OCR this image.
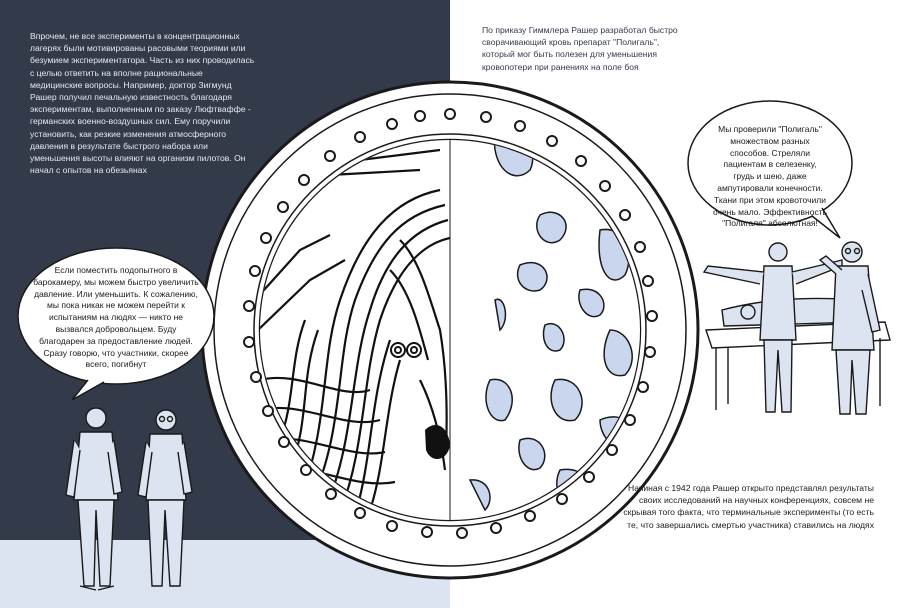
Впрочем, не все эксперименты в концентрационных лагерях были мотивированы расовыми теориями или безумием экспериментатора. Часть из них проводилась с целью ответить на вполне рациональные медицинские вопросы. Например, доктор Зигмунд Рашер получил печальную известность благодаря экспериментам, выполненным по заказу Люфтваффе - германских военно-воздушных сил. Ему поручили установить, как резкие изменения атмосферного давления в результате быстрого набора или уменьшения высоты влияют на организм пилотов. Он начал с опытов на обезьянах
По приказу Гиммлера Рашер разработал быстро сворачивающий кровь препарат "Полигаль", который мог быть полезен для уменьшения кровопотери при ранениях на поле боя
Начиная с 1942 года Рашер открыто представлял результаты своих исследований на научных конференциях, совсем не скрывая того факта, что терминальные эксперименты (то есть те, что завершались смертью участника) ставились на людях
Если поместить подопытного в барокамеру, мы можем быстро увеличить давление. Или уменьшить. К сожалению, мы пока никак не можем перейти к испытаниям на людях — никто не вызвался добровольцем. Буду благодарен за предоставление людей. Сразу говорю, что участники, скорее всего, погибнут
Мы проверили "Полигаль" множеством разных способов. Стреляли пациентам в селезенку, грудь и шею, даже ампутировали конечности. Ткани при этом кровоточили очень мало. Эффективность "Полигаля" абсолютная!
